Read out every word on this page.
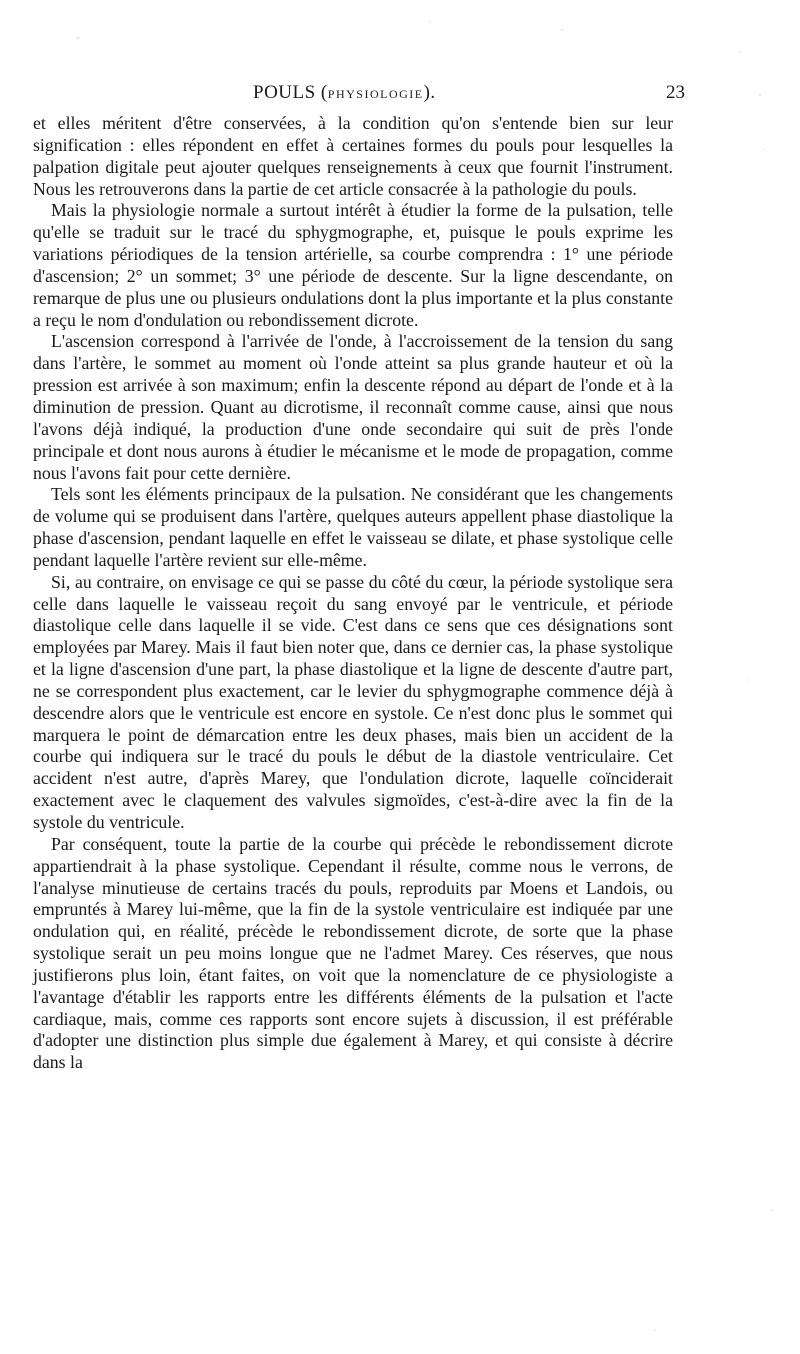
POULS (PHYSIOLOGIE).	23

et elles méritent d'être conservées, à la condition qu'on s'entende bien sur leur signification : elles répondent en effet à certaines formes du pouls pour lesquelles la palpation digitale peut ajouter quelques renseignements à ceux que fournit l'instrument. Nous les retrouverons dans la partie de cet article consacrée à la pathologie du pouls.

Mais la physiologie normale a surtout intérêt à étudier la forme de la pulsation, telle qu'elle se traduit sur le tracé du sphygmographe, et, puisque le pouls exprime les variations périodiques de la tension artérielle, sa courbe comprendra : 1° une période d'ascension; 2° un sommet; 3° une période de descente. Sur la ligne descendante, on remarque de plus une ou plusieurs ondulations dont la plus importante et la plus constante a reçu le nom d'ondulation ou rebondissement dicrote.

L'ascension correspond à l'arrivée de l'onde, à l'accroissement de la tension du sang dans l'artère, le sommet au moment où l'onde atteint sa plus grande hauteur et où la pression est arrivée à son maximum; enfin la descente répond au départ de l'onde et à la diminution de pression. Quant au dicrotisme, il reconnaît comme cause, ainsi que nous l'avons déjà indiqué, la production d'une onde secondaire qui suit de près l'onde principale et dont nous aurons à étudier le mécanisme et le mode de propagation, comme nous l'avons fait pour cette dernière.

Tels sont les éléments principaux de la pulsation. Ne considérant que les changements de volume qui se produisent dans l'artère, quelques auteurs appellent phase diastolique la phase d'ascension, pendant laquelle en effet le vaisseau se dilate, et phase systolique celle pendant laquelle l'artère revient sur elle-même.

Si, au contraire, on envisage ce qui se passe du côté du cœur, la période systolique sera celle dans laquelle le vaisseau reçoit du sang envoyé par le ventricule, et période diastolique celle dans laquelle il se vide. C'est dans ce sens que ces désignations sont employées par Marey. Mais il faut bien noter que, dans ce dernier cas, la phase systolique et la ligne d'ascension d'une part, la phase diastolique et la ligne de descente d'autre part, ne se correspondent plus exactement, car le levier du sphygmographe commence déjà à descendre alors que le ventricule est encore en systole. Ce n'est donc plus le sommet qui marquera le point de démarcation entre les deux phases, mais bien un accident de la courbe qui indiquera sur le tracé du pouls le début de la diastole ventriculaire. Cet accident n'est autre, d'après Marey, que l'ondulation dicrote, laquelle coïnciderait exactement avec le claquement des valvules sigmoïdes, c'est-à-dire avec la fin de la systole du ventricule.

Par conséquent, toute la partie de la courbe qui précède le rebondissement dicrote appartiendrait à la phase systolique. Cependant il résulte, comme nous le verrons, de l'analyse minutieuse de certains tracés du pouls, reproduits par Moens et Landois, ou empruntés à Marey lui-même, que la fin de la systole ventriculaire est indiquée par une ondulation qui, en réalité, précède le rebondissement dicrote, de sorte que la phase systolique serait un peu moins longue que ne l'admet Marey. Ces réserves, que nous justifierons plus loin, étant faites, on voit que la nomenclature de ce physiologiste a l'avantage d'établir les rapports entre les différents éléments de la pulsation et l'acte cardiaque, mais, comme ces rapports sont encore sujets à discussion, il est préférable d'adopter une distinction plus simple due également à Marey, et qui consiste à décrire dans la
